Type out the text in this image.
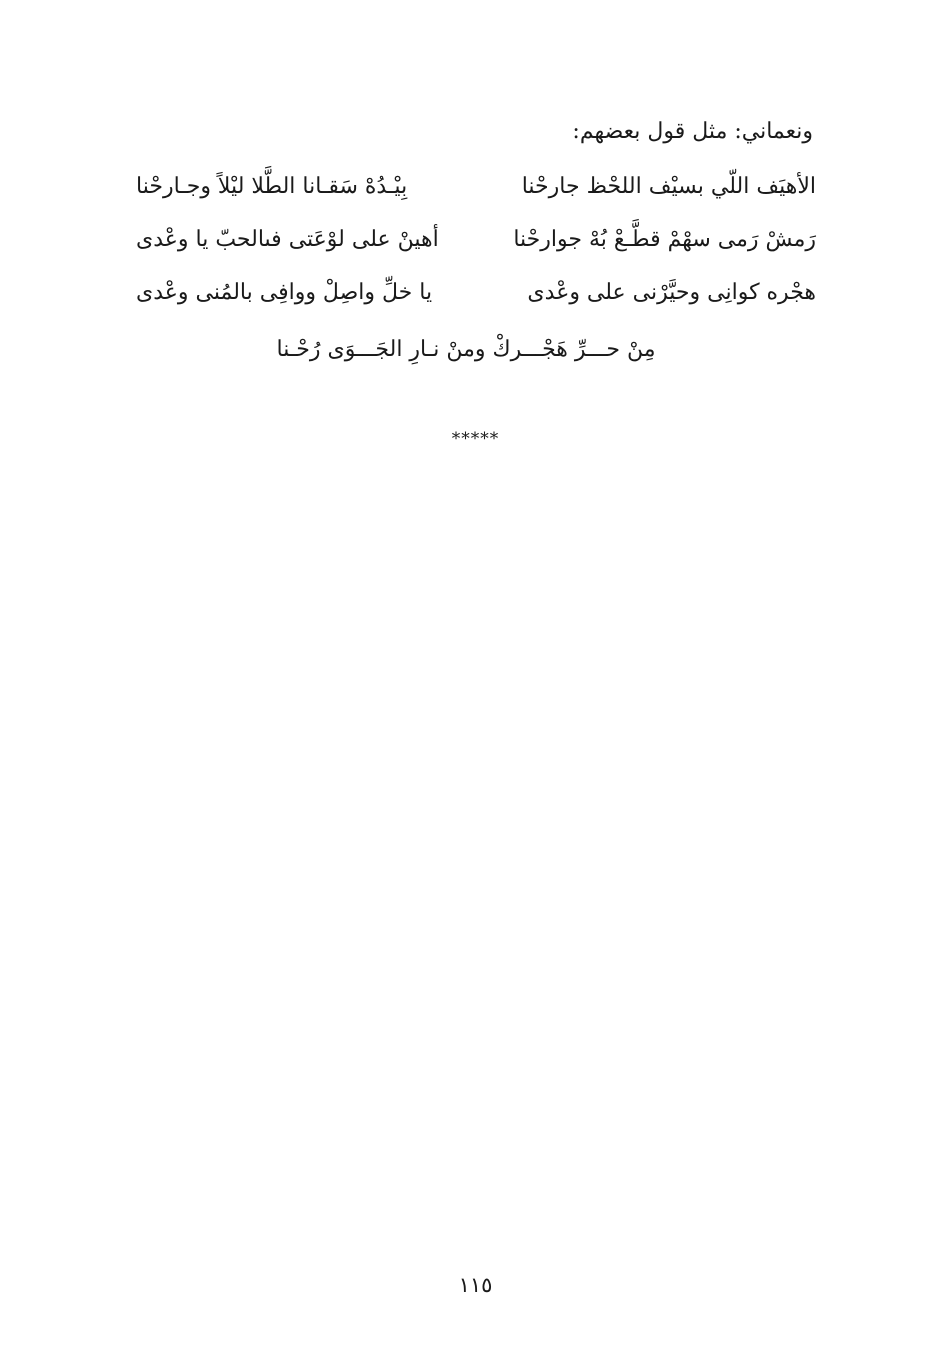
ونعماني: مثل قول بعضهم:
الأهيَف اللّي بسيْف اللحْظ جارحْنا
بِيْـدُهْ سَقـانا الطَّلا ليْلاً وجـارحْنا
رَمشْ رَمى سهْمْ قطَّـعْ بُهْ جوارحْنا
أهينْ على لوْعَتى فىالحبّ يا وعْدى
هجْره كوانِى وحيَّرْنى على وعْدى
يا خلِّ واصِلْ ووافِى بالمُنى وعْدى
مِنْ حـــرِّ هَجْـــركْ ومنْ نـارِ الجَـــوَى رُحْـنا
*****
١١٥
